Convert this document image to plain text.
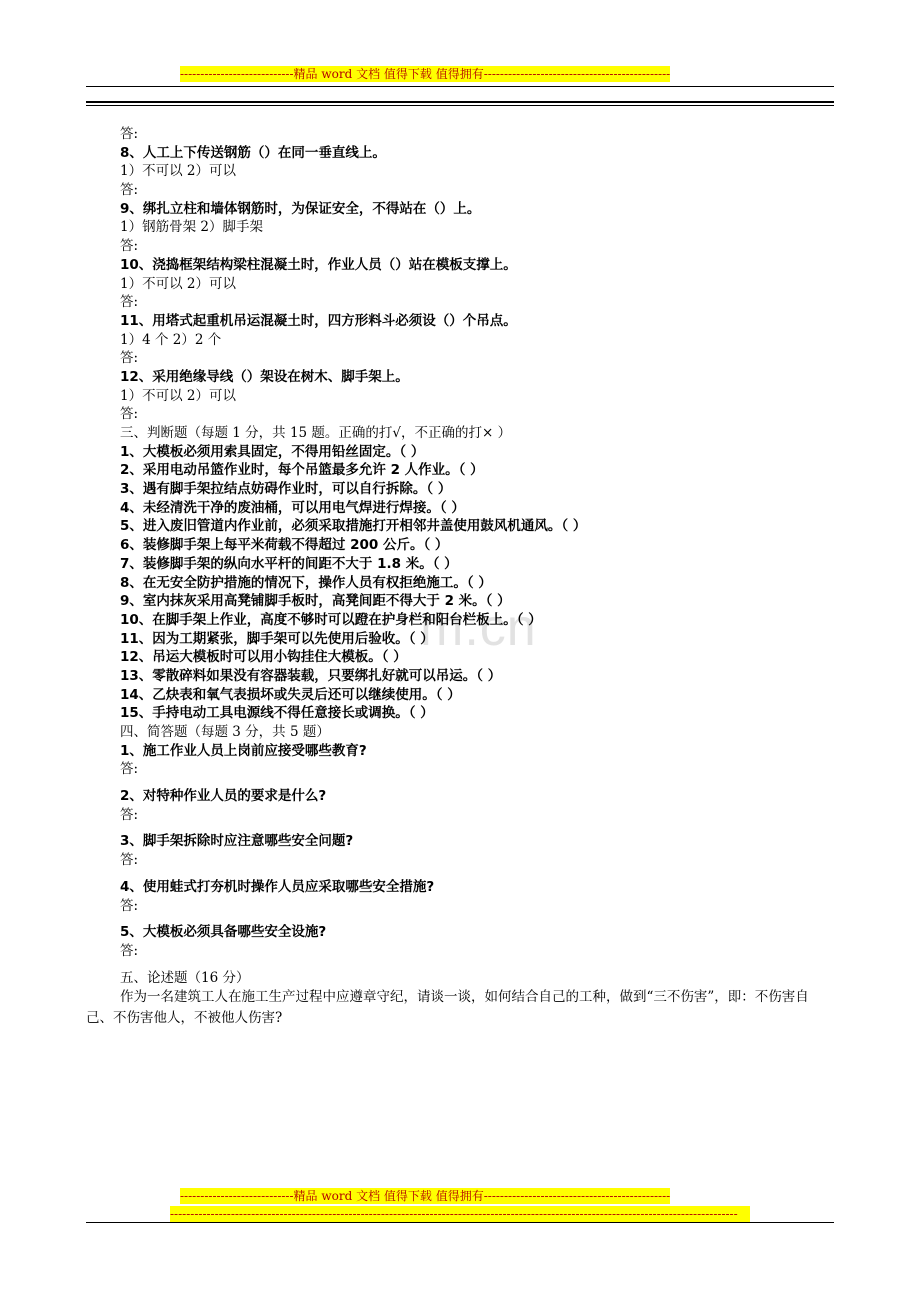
----------------------------精品 word 文档 值得下载 值得拥有----------------------------------------------
m.cn
答:
8、人工上下传送钢筋（）在同一垂直线上。
1）不可以 2）可以
答:
9、绑扎立柱和墙体钢筋时，为保证安全，不得站在（）上。
1）钢筋骨架 2）脚手架
答:
10、浇捣框架结构梁柱混凝土时，作业人员（）站在模板支撑上。
1）不可以 2）可以
答:
11、用塔式起重机吊运混凝土时，四方形料斗必须设（）个吊点。
1）4 个 2）2 个
答:
12、采用绝缘导线（）架设在树木、脚手架上。
1）不可以 2）可以
答:
三、判断题（每题 1 分，共 15 题。正确的打√，不正确的打× ）
1、大模板必须用索具固定，不得用铅丝固定。（ ）
2、采用电动吊篮作业时，每个吊篮最多允许 2 人作业。（ ）
3、遇有脚手架拉结点妨碍作业时，可以自行拆除。（ ）
4、未经清洗干净的废油桶，可以用电气焊进行焊接。（ ）
5、进入废旧管道内作业前，必须采取措施打开相邻井盖使用鼓风机通风。（ ）
6、装修脚手架上每平米荷载不得超过 200 公斤。（ ）
7、装修脚手架的纵向水平杆的间距不大于 1.8 米。（ ）
8、在无安全防护措施的情况下，操作人员有权拒绝施工。（ ）
9、室内抹灰采用高凳铺脚手板时，高凳间距不得大于 2 米。（ ）
10、在脚手架上作业，高度不够时可以蹬在护身栏和阳台栏板上。（ ）
11、因为工期紧张，脚手架可以先使用后验收。（ ）
12、吊运大模板时可以用小钩挂住大模板。（ ）
13、零散碎料如果没有容器装载，只要绑扎好就可以吊运。（ ）
14、乙炔表和氧气表损坏或失灵后还可以继续使用。（ ）
15、手持电动工具电源线不得任意接长或调换。（ ）
四、简答题（每题 3 分，共 5 题）
1、施工作业人员上岗前应接受哪些教育?
答:
2、对特种作业人员的要求是什么?
答:
3、脚手架拆除时应注意哪些安全问题?
答:
4、使用蛙式打夯机时操作人员应采取哪些安全措施?
答:
5、大模板必须具备哪些安全设施?
答:
五、论述题（16 分）
作为一名建筑工人在施工生产过程中应遵章守纪，请谈一谈，如何结合自己的工种，做到“三不伤害”，即：不伤害自己、不伤害他人，不被他人伤害?
----------------------------精品 word 文档 值得下载 值得拥有----------------------------------------------
--------------------------------------------------------------------------------------------------------------------------------------------
